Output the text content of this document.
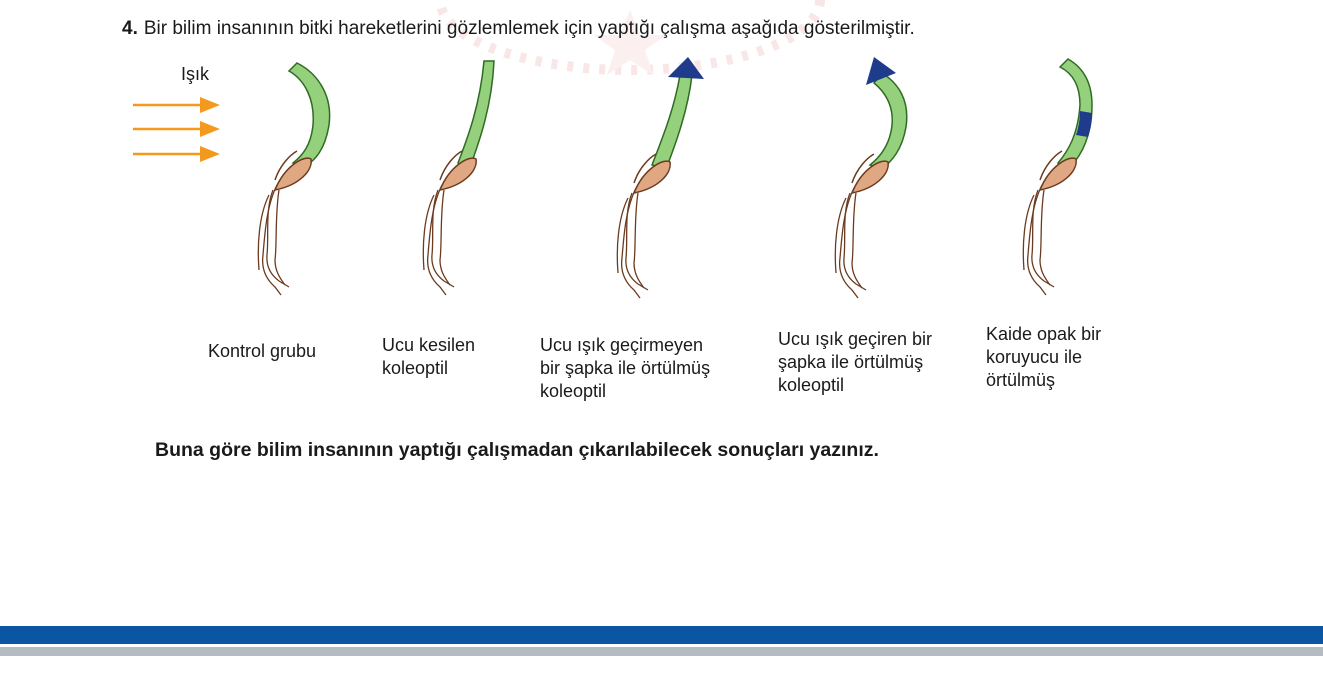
4. Bir bilim insanının bitki hareketlerini gözlemlemek için yaptığı çalışma aşağıda gösterilmiştir.
Işık
Kontrol grubu	Ucu kesilen
koleoptil
Ucu ışık geçirmeyen
bir şapka ile örtülmüş
koleoptil
Ucu ışık geçiren bir
şapka ile örtülmüş
koleoptil
Kaide opak bir
koruyucu ile
örtülmüş
Buna göre bilim insanının yaptığı çalışmadan çıkarılabilecek sonuçları yazınız.
